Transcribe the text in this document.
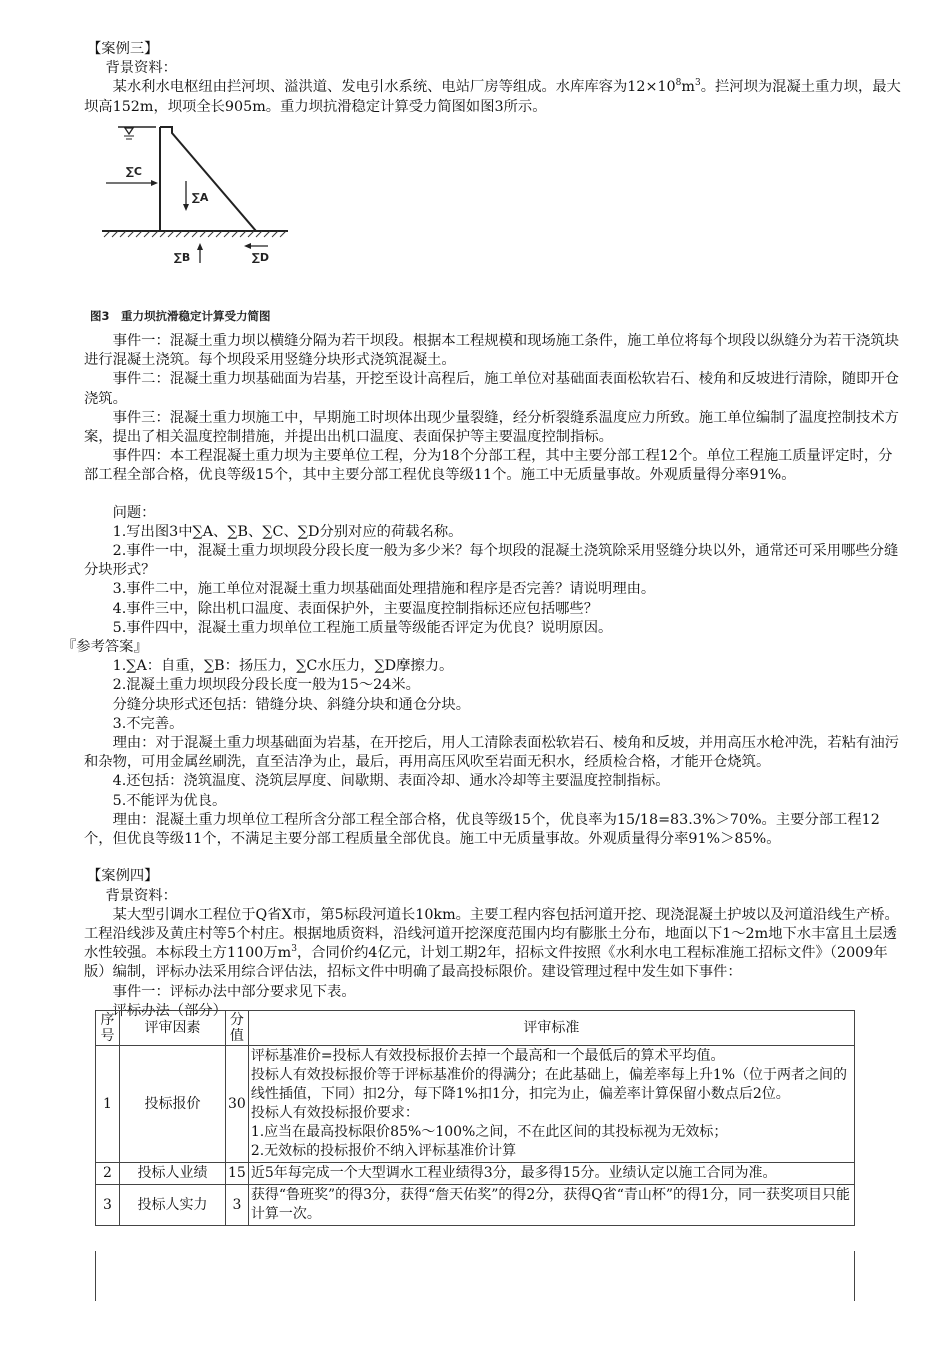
【案例三】

背景资料：

某水利水电枢纽由拦河坝、溢洪道、发电引水系统、电站厂房等组成。水库库容为$12\times 10^8m^3$。拦河坝为混凝土重力坝，最大坝高152m，坝项全长905m。重力坝抗滑稳定计算受力简图如图3所示。

∑C
∑A
∑B	∑D

图3　重力坝抗滑稳定计算受力简图

事件一：混凝土重力坝以横缝分隔为若干坝段。根据本工程规模和现场施工条件，施工单位将每个坝段以纵缝分为若干浇筑块进行混凝土浇筑。每个坝段采用竖缝分块形式浇筑混凝土。

事件二：混凝土重力坝基础面为岩基，开挖至设计高程后，施工单位对基础面表面松软岩石、棱角和反坡进行清除，随即开仓浇筑。

事件三：混凝土重力坝施工中，早期施工时坝体出现少量裂缝，经分析裂缝系温度应力所致。施工单位编制了温度控制技术方案，提出了相关温度控制措施，并提出出机口温度、表面保护等主要温度控制指标。

事件四：本工程混凝土重力坝为主要单位工程，分为18个分部工程，其中主要分部工程12个。单位工程施工质量评定时，分部工程全部合格，优良等级15个，其中主要分部工程优良等级11个。施工中无质量事故。外观质量得分率91%。

问题：

1.写出图3中∑A、∑B、∑C、∑D分别对应的荷载名称。

2.事件一中，混凝土重力坝坝段分段长度一般为多少米？每个坝段的混凝土浇筑除采用竖缝分块以外，通常还可采用哪些分缝分块形式？

3.事件二中，施工单位对混凝土重力坝基础面处理措施和程序是否完善？请说明理由。

4.事件三中，除出机口温度、表面保护外，主要温度控制指标还应包括哪些？

5.事件四中，混凝土重力坝单位工程施工质量等级能否评定为优良？说明原因。

『参考答案』

1.∑A：自重，∑B：扬压力，∑C水压力，∑D摩擦力。

2.混凝土重力坝坝段分段长度一般为15～24米。

分缝分块形式还包括：错缝分块、斜缝分块和通仓分块。

3.不完善。

理由：对于混凝土重力坝基础面为岩基，在开挖后，用人工清除表面松软岩石、棱角和反坡，并用高压水枪冲洗，若粘有油污和杂物，可用金属丝刷洗，直至洁净为止，最后，再用高压风吹至岩面无积水，经质检合格，才能开仓烧筑。

4.还包括：浇筑温度、浇筑层厚度、间歇期、表面冷却、通水冷却等主要温度控制指标。

5.不能评为优良。

理由：混凝土重力坝单位工程所含分部工程全部合格，优良等级15个，优良率为15/18=83.3%＞70%。主要分部工程12个，但优良等级11个，不满足主要分部工程质量全部优良。施工中无质量事故。外观质量得分率91%＞85%。

【案例四】

背景资料：

某大型引调水工程位于Q省X市，第5标段河道长10km。主要工程内容包括河道开挖、现浇混凝土护坡以及河道沿线生产桥。工程沿线涉及黄庄村等5个村庄。根据地质资料，沿线河道开挖深度范围内均有膨胀土分布，地面以下1～2m地下水丰富且土层透水性较强。本标段土方1100万$m^3$，合同价约4亿元，计划工期2年，招标文件按照《水利水电工程标准施工招标文件》（2009年版）编制，评标办法采用综合评估法，招标文件中明确了最高投标限价。建设管理过程中发生如下事件：

事件一：评标办法中部分要求见下表。

评标办法（部分）

序号	评审因素	分值	评审标准
1	投标报价	30	评标基准价=投标人有效投标报价去掉一个最高和一个最低后的算术平均值。
投标人有效投标报价等于评标基准价的得满分；在此基础上，偏差率每上升1%（位于两者之间的线性插值，下同）扣2分，每下降1%扣1分，扣完为止，偏差率计算保留小数点后2位。
投标人有效投标报价要求：
1.应当在最高投标限价85%～100%之间，不在此区间的其投标视为无效标；
2.无效标的投标报价不纳入评标基准价计算

2	投标人业绩	15	近5年每完成一个大型调水工程业绩得3分，最多得15分。业绩认定以施工合同为准。
3	投标人实力	3	获得“鲁班奖”的得3分，获得“詹天佑奖”的得2分，获得Q省“青山杯”的得1分，同一获奖项目只能计算一次。
